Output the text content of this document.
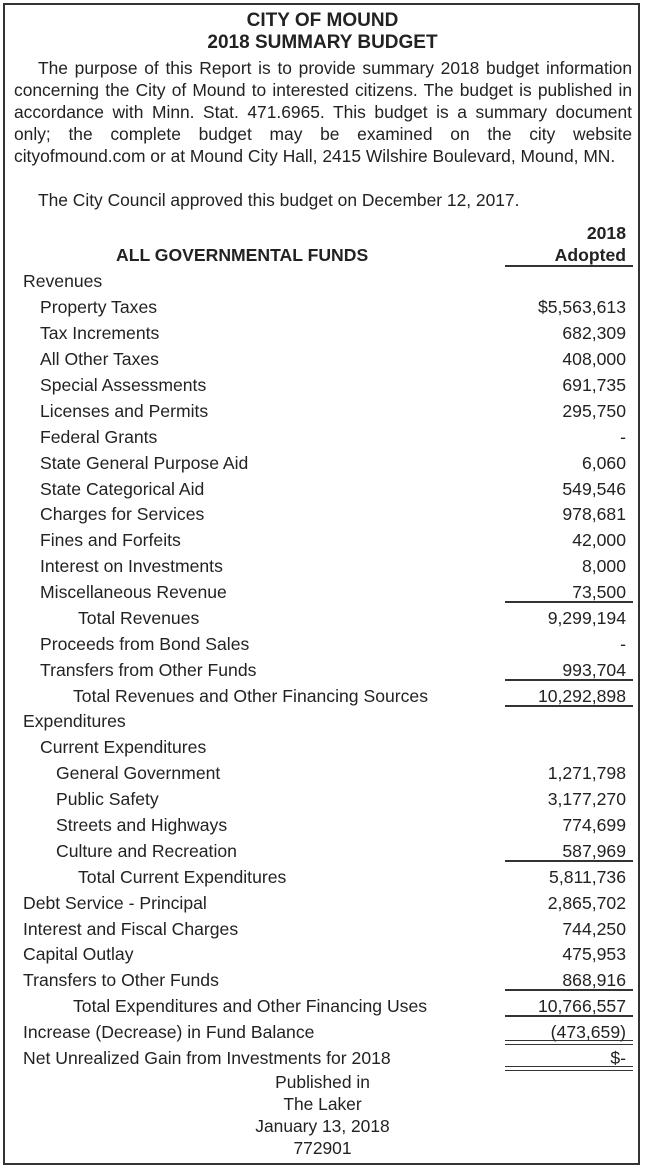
CITY OF MOUND
2018 SUMMARY BUDGET
The purpose of this Report is to provide summary 2018 budget information concerning the City of Mound to interested citizens. The budget is published in accordance with Minn. Stat. 471.6965. This budget is a summary document only; the complete budget may be examined on the city website cityofmound.com or at Mound City Hall, 2415 Wilshire Boulevard, Mound, MN.
The City Council approved this budget on December 12, 2017.
2018
ALL GOVERNMENTAL FUNDS	Adopted
Revenues
Property Taxes	$5,563,613
Tax Increments	682,309
All Other Taxes	408,000
Special Assessments	691,735
Licenses and Permits	295,750
Federal Grants	-
State General Purpose Aid	6,060
State Categorical Aid	549,546
Charges for Services	978,681
Fines and Forfeits	42,000
Interest on Investments	8,000
Miscellaneous Revenue	73,500
Total Revenues	9,299,194
Proceeds from Bond Sales	-
Transfers from Other Funds	993,704
Total Revenues and Other Financing Sources	10,292,898
Expenditures
Current Expenditures
General Government	1,271,798
Public Safety	3,177,270
Streets and Highways	774,699
Culture and Recreation	587,969
Total Current Expenditures	5,811,736
Debt Service - Principal	2,865,702
Interest and Fiscal Charges	744,250
Capital Outlay	475,953
Transfers to Other Funds	868,916
Total Expenditures and Other Financing Uses	10,766,557
Increase (Decrease) in Fund Balance	(473,659)
Net Unrealized Gain from Investments for 2018	$-
Published in
The Laker
January 13, 2018
772901
